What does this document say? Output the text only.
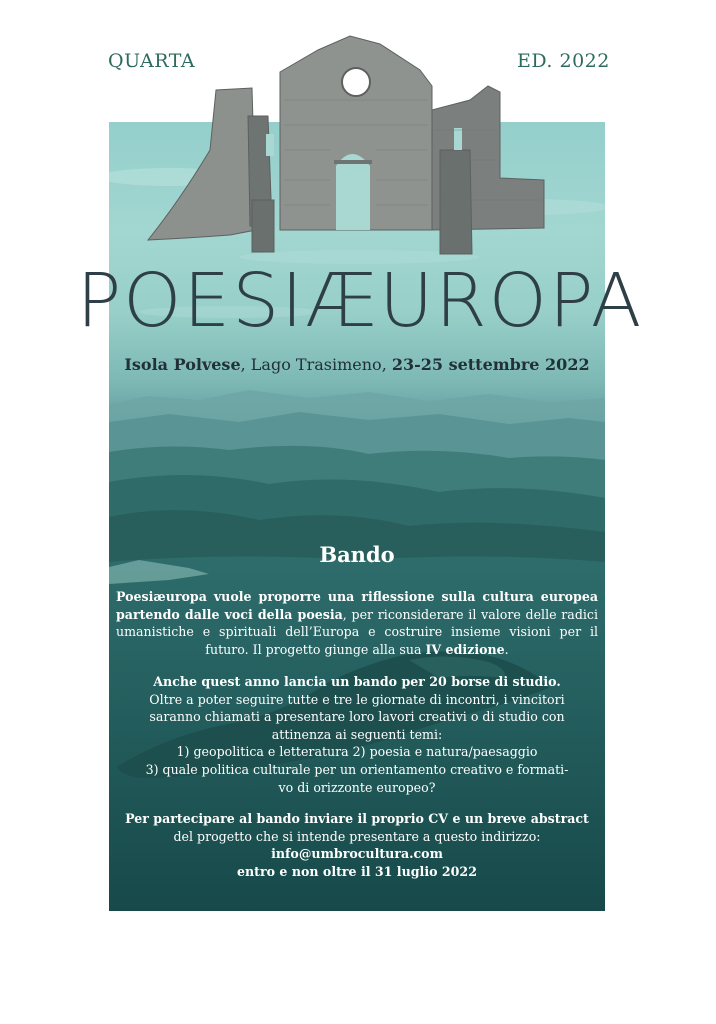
QUARTA	ED. 2022
POESIÆUROPA
Isola Polvese, Lago Trasimeno, 23-25 settembre 2022
Bando
Poesiæuropa vuole proporre una riflessione sulla cultura europea partendo dalle voci della poesia, per riconsiderare il valore delle radici umanistiche e spirituali dell’Europa e costruire insieme visioni per il futuro. Il progetto giunge alla sua IV edizione.
Anche quest anno lancia un bando per 20 borse di studio.
Oltre a poter seguire tutte e tre le giornate di incontri, i vincitori
saranno chiamati a presentare loro lavori creativi o di studio con
attinenza ai seguenti temi:
1) geopolitica e letteratura 2) poesia e natura/paesaggio
3) quale politica culturale per un orientamento creativo e formati-
vo di orizzonte europeo?
Per partecipare al bando inviare il proprio CV e un breve abstract
del progetto che si intende presentare a questo indirizzo:
info@umbrocultura.com
entro e non oltre il 31 luglio 2022
